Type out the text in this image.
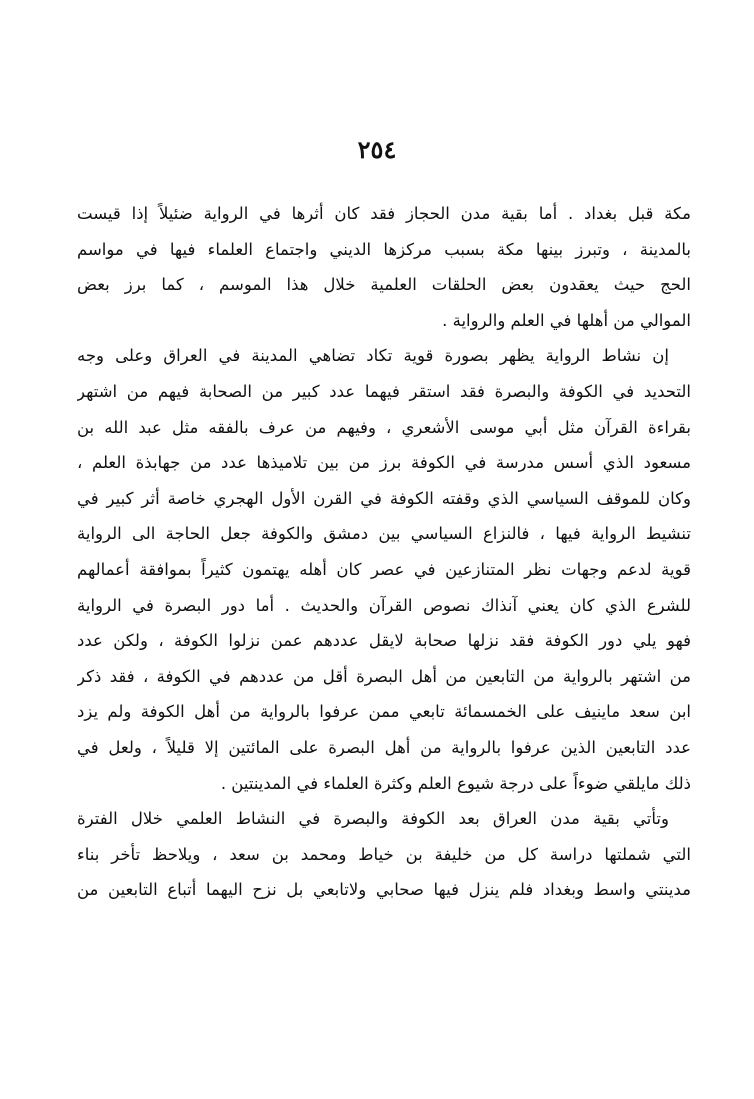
٢٥٤
مكة قبل بغداد . أما بقية مدن الحجاز فقد كان أثرها في الرواية ضئيلاً إذا قيست
بالمدينة ، وتبرز بينها مكة بسبب مركزها الديني واجتماع العلماء فيها في مواسم
الحج حيث يعقدون بعض الحلقات العلمية خلال هذا الموسم ، كما برز بعض
الموالي من أهلها في العلم والرواية .
إن نشاط الرواية يظهر بصورة قوية تكاد تضاهي المدينة في العراق وعلى وجه
التحديد في الكوفة والبصرة فقد استقر فيهما عدد كبير من الصحابة فيهم من اشتهر
بقراءة القرآن مثل أبي موسى الأشعري ، وفيهم من عرف بالفقه مثل عبد الله بن
مسعود الذي أسس مدرسة في الكوفة برز من بين تلاميذها عدد من جهابذة العلم ،
وكان للموقف السياسي الذي وقفته الكوفة في القرن الأول الهجري خاصة أثر كبير في
تنشيط الرواية فيها ، فالنزاع السياسي بين دمشق والكوفة جعل الحاجة الى الرواية
قوية لدعم وجهات نظر المتنازعين في عصر كان أهله يهتمون كثيراً بموافقة أعمالهم
للشرع الذي كان يعني آنذاك نصوص القرآن والحديث . أما دور البصرة في الرواية
فهو يلي دور الكوفة فقد نزلها صحابة لايقل عددهم عمن نزلوا الكوفة ، ولكن عدد
من اشتهر بالرواية من التابعين من أهل البصرة أقل من عددهم في الكوفة ، فقد ذكر
ابن سعد ماينيف على الخمسمائة تابعي ممن عرفوا بالرواية من أهل الكوفة ولم يزد
عدد التابعين الذين عرفوا بالرواية من أهل البصرة على المائتين إلا قليلاً ، ولعل في
ذلك مايلقي ضوءاً على درجة شيوع العلم وكثرة العلماء في المدينتين .
وتأتي بقية مدن العراق بعد الكوفة والبصرة في النشاط العلمي خلال الفترة
التي شملتها دراسة كل من خليفة بن خياط ومحمد بن سعد ، ويلاحظ تأخر بناء
مدينتي واسط وبغداد فلم ينزل فيها صحابي ولاتابعي بل نزح اليهما أتباع التابعين من
